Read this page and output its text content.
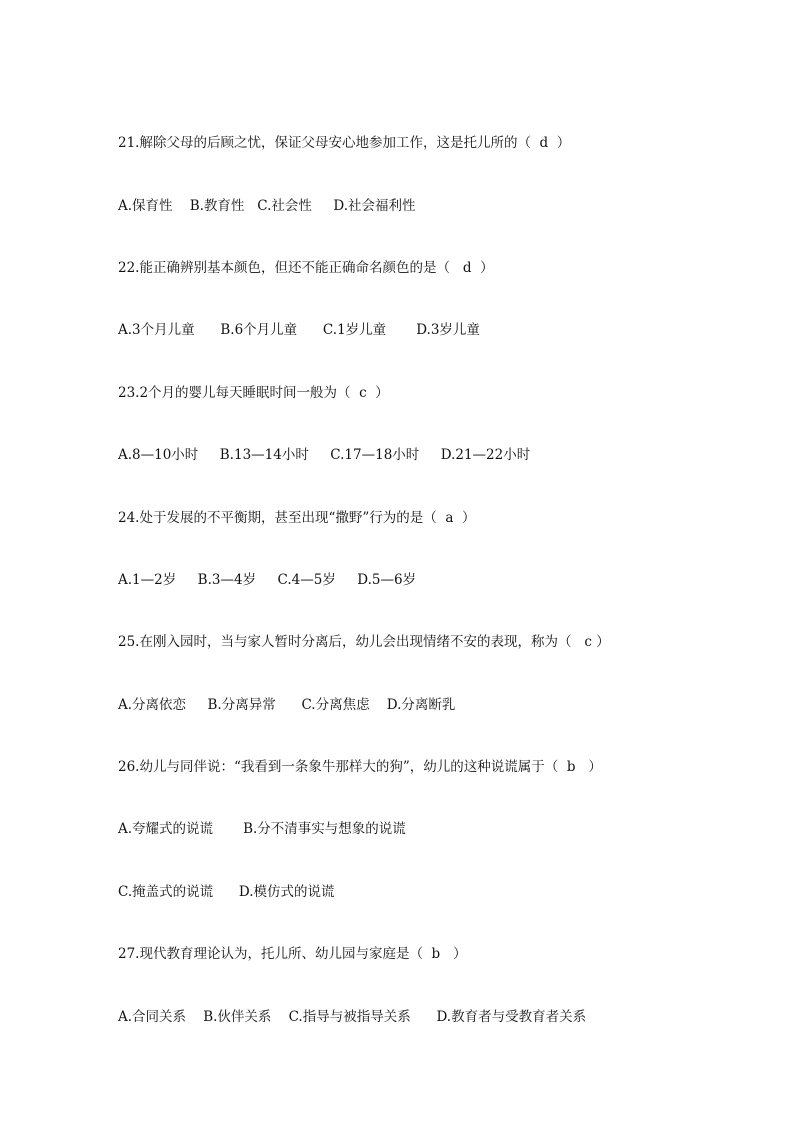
21.解除父母的后顾之忧，保证父母安心地参加工作，这是托儿所的（  d  ）
A.保育性    B.教育性   C.社会性     D.社会福利性
22.能正确辨别基本颜色，但还不能正确命名颜色的是（   d  ）
A.3个月儿童      B.6个月儿童      C.1岁儿童       D.3岁儿童
23.2个月的婴儿每天睡眠时间一般为（  c  ）
A.8—10小时     B.13—14小时     C.17—18小时     D.21—22小时
24.处于发展的不平衡期，甚至出现“撒野”行为的是（  a  ）
A.1—2岁     B.3—4岁     C.4—5岁     D.5—6岁
25.在刚入园时，当与家人暂时分离后，幼儿会出现情绪不安的表现，称为（   c ）
A.分离依恋     B.分离异常      C.分离焦虑    D.分离断乳
26.幼儿与同伴说：“我看到一条象牛那样大的狗”，幼儿的这种说谎属于（  b   ）
A.夸耀式的说谎       B.分不清事实与想象的说谎
C.掩盖式的说谎      D.模仿式的说谎
27.现代教育理论认为，托儿所、幼儿园与家庭是（  b   ）
A.合同关系    B.伙伴关系    C.指导与被指导关系      D.教育者与受教育者关系
